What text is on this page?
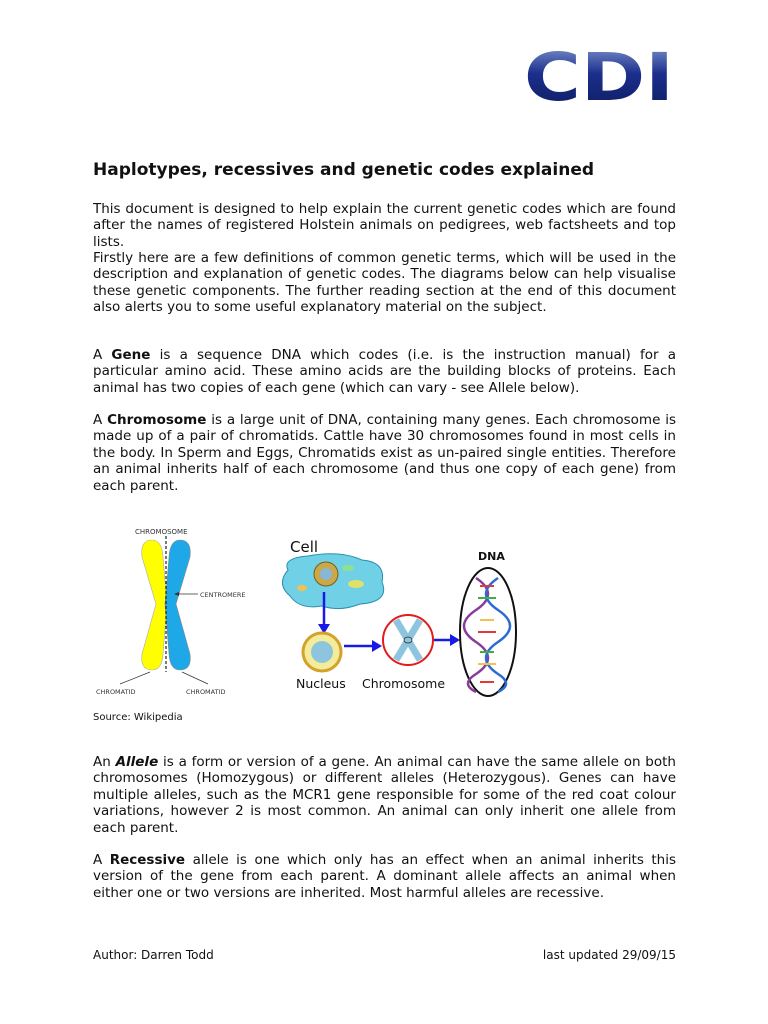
CDI
Haplotypes, recessives and genetic codes explained

This document is designed to help explain the current genetic codes which are found after the names of registered Holstein animals on pedigrees, web factsheets and top lists.

Firstly here are a few definitions of common genetic terms, which will be used in the description and explanation of genetic codes. The diagrams below can help visualise these genetic components. The further reading section at the end of this document also alerts you to some useful explanatory material on the subject.

A Gene is a sequence DNA which codes (i.e. is the instruction manual) for a particular amino acid. These amino acids are the building blocks of proteins. Each animal has two copies of each gene (which can vary - see Allele below).

A Chromosome is a large unit of DNA, containing many genes. Each chromosome is made up of a pair of chromatids. Cattle have 30 chromosomes found in most cells in the body. In Sperm and Eggs, Chromatids exist as un-paired single entities. Therefore an animal inherits half of each chromosome (and thus one copy of each gene) from each parent.

CHROMOSOME
CENTROMERE
CHROMATID	CHROMATID
Cell
Nucleus Chromosome
DNA
Source: Wikipedia

An Allele is a form or version of a gene. An animal can have the same allele on both chromosomes (Homozygous) or different alleles (Heterozygous). Genes can have multiple alleles, such as the MCR1 gene responsible for some of the red coat colour variations, however 2 is most common. An animal can only inherit one allele from each parent.

A Recessive allele is one which only has an effect when an animal inherits this version of the gene from each parent. A dominant allele affects an animal when either one or two versions are inherited. Most harmful alleles are recessive.

Author: Darren Todd	last updated 29/09/15
